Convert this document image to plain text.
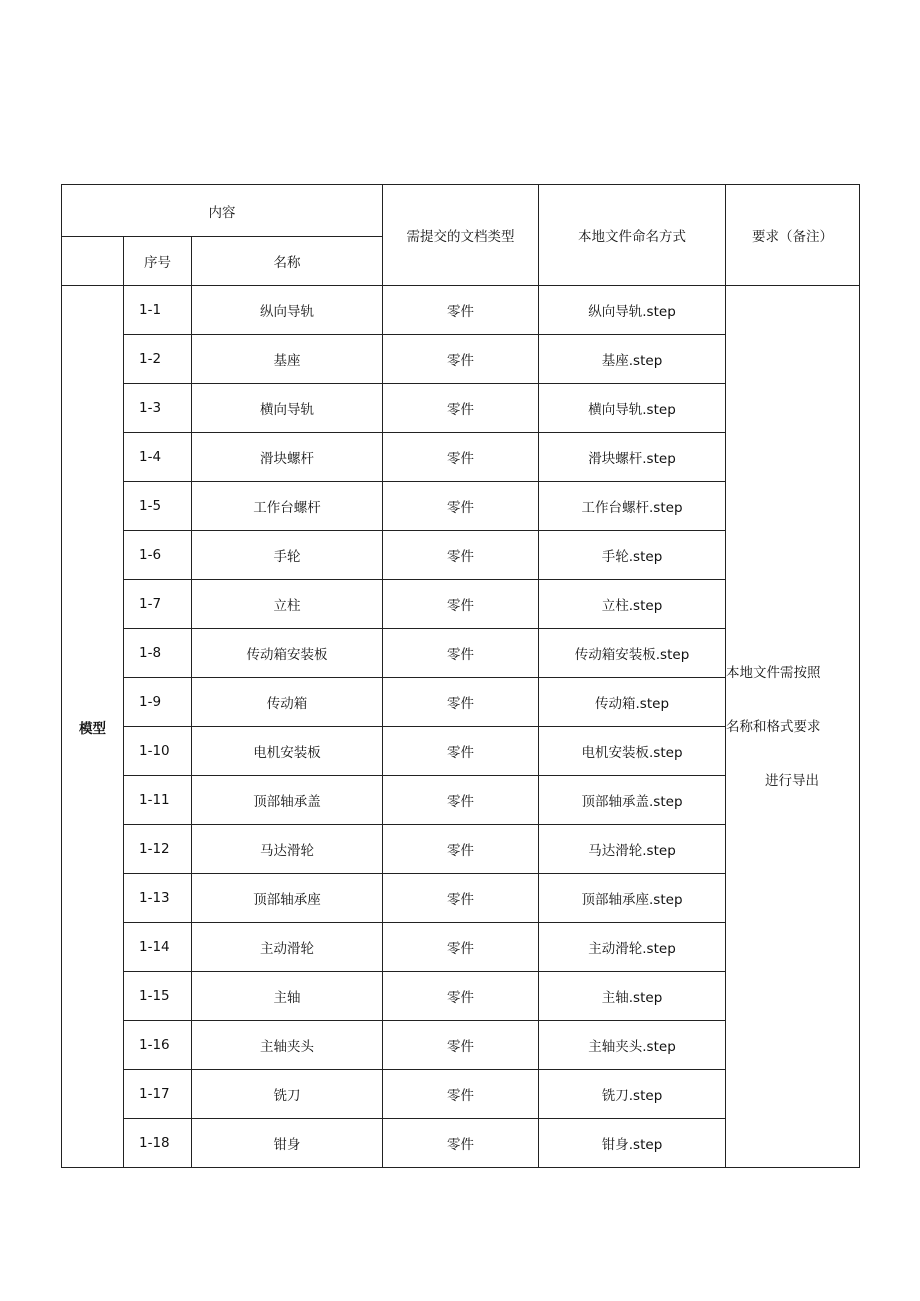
内容			需提交的文档类型	本地文件命名方式	要求（备注）
	序号	名称			
模型	1-1	纵向导轨	零件	纵向导轨.step	本地文件需按照
名称和格式要求
进行导出

	1-2	基座	零件	基座.step	
	1-3	横向导轨	零件	横向导轨.step	
	1-4	滑块螺杆	零件	滑块螺杆.step	
	1-5	工作台螺杆	零件	工作台螺杆.step	
	1-6	手轮	零件	手轮.step	
	1-7	立柱	零件	立柱.step	
	1-8	传动箱安装板	零件	传动箱安装板.step	
	1-9	传动箱	零件	传动箱.step	
	1-10	电机安装板	零件	电机安装板.step	
	1-11	顶部轴承盖	零件	顶部轴承盖.step	
	1-12	马达滑轮	零件	马达滑轮.step	
	1-13	顶部轴承座	零件	顶部轴承座.step	
	1-14	主动滑轮	零件	主动滑轮.step	
	1-15	主轴	零件	主轴.step	
	1-16	主轴夹头	零件	主轴夹头.step	
	1-17	铣刀	零件	铣刀.step	
	1-18	钳身	零件	钳身.step	
